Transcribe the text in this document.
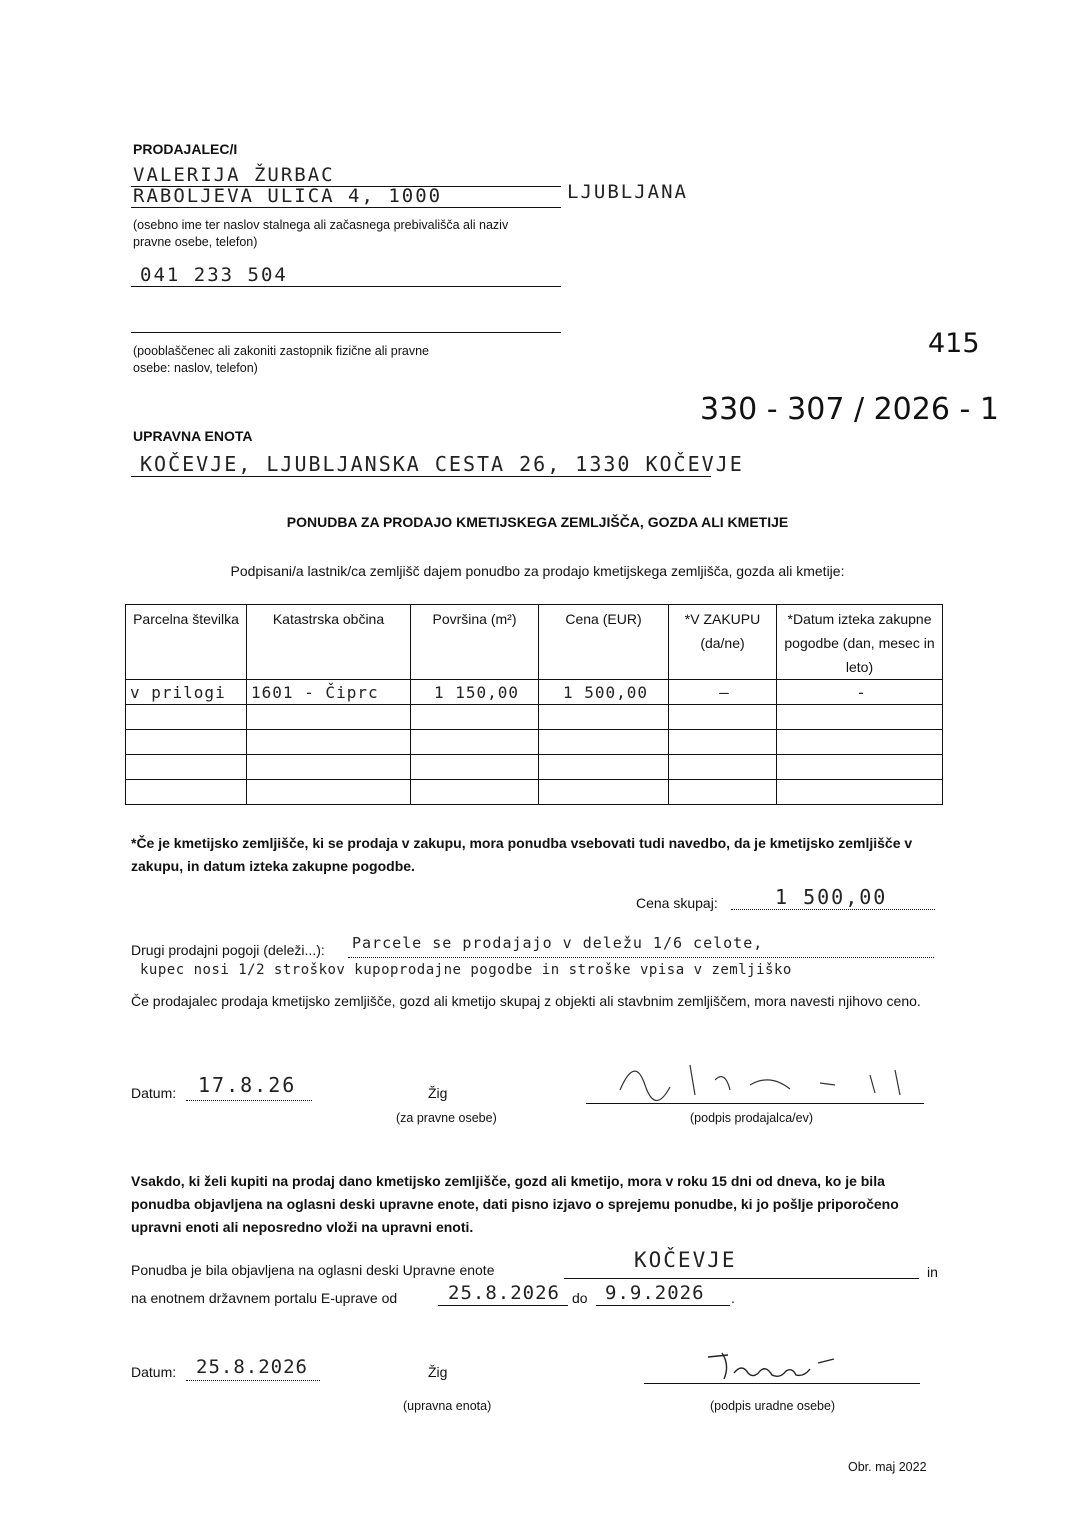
PRODAJALEC/I
VALERIJA ŽURBAC
RABOLJEVA ULICA 4, 1000	LJUBLJANA
(osebno ime ter naslov stalnega ali začasnega prebivališča ali naziv pravne osebe, telefon)
041 233 504
(pooblaščenec ali zakoniti zastopnik fizične ali pravne osebe: naslov, telefon)
415
330 - 307 / 2026 - 1
UPRAVNA ENOTA
KOČEVJE, LJUBLJANSKA CESTA 26, 1330 KOČEVJE
PONUDBA ZA PRODAJO KMETIJSKEGA ZEMLJIŠČA, GOZDA ALI KMETIJE
Podpisani/a lastnik/ca zemljišč dajem ponudbo za prodajo kmetijskega zemljišča, gozda ali kmetije:
Parcelna številka	Katastrska občina	Površina (m²)	Cena (EUR)	*V ZAKUPU (da/ne)	*Datum izteka zakupne pogodbe (dan, mesec in leto)
v prilogi	1601 - Čiprc	1 150,00	1 500,00	—	-

*Če je kmetijsko zemljišče, ki se prodaja v zakupu, mora ponudba vsebovati tudi navedbo, da je kmetijsko zemljišče v zakupu, in datum izteka zakupne pogodbe.
Cena skupaj:	1 500,00
Drugi prodajni pogoji (deleži...): Parcele se prodajajo v deležu 1/6 celote,
kupec nosi 1/2 stroškov kupoprodajne pogodbe in stroške vpisa v zemljiško
Če prodajalec prodaja kmetijsko zemljišče, gozd ali kmetijo skupaj z objekti ali stavbnim zemljiščem, mora navesti njihovo ceno.
Datum: 17.8.26	Žig
(za pravne osebe)	(podpis prodajalca/ev)
Vsakdo, ki želi kupiti na prodaj dano kmetijsko zemljišče, gozd ali kmetijo, mora v roku 15 dni od dneva, ko je bila ponudba objavljena na oglasni deski upravne enote, dati pisno izjavo o sprejemu ponudbe, ki jo pošlje priporočeno upravni enoti ali neposredno vloži na upravni enoti.
Ponudba je bila objavljena na oglasni deski Upravne enote	KOČEVJE	in
na enotnem državnem portalu E-uprave od	25.8.2026 do 9.9.2026 .
Datum: 25.8.2026	Žig
(upravna enota)	(podpis uradne osebe)
Obr. maj 2022
